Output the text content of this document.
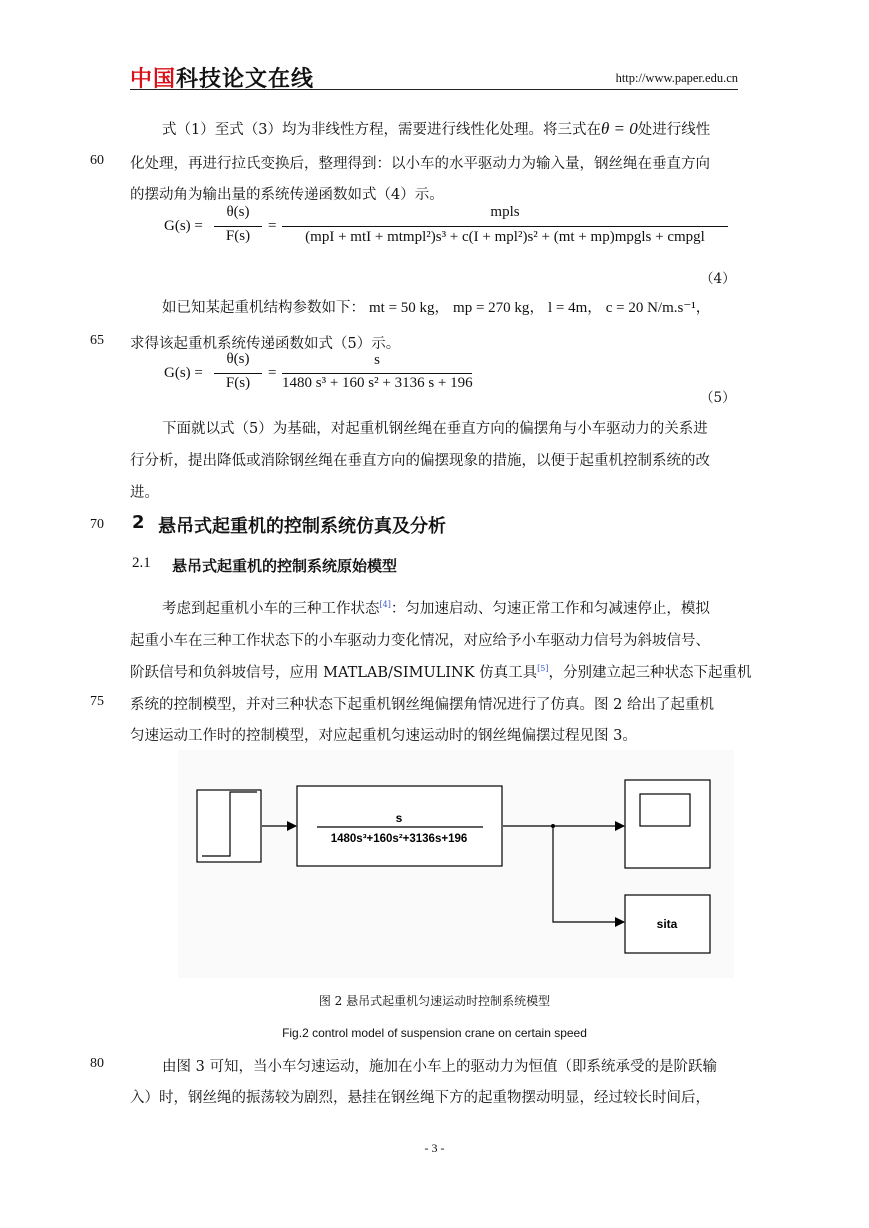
中国科技论文在线	http://www.paper.edu.cn
式（1）至式（3）均为非线性方程，需要进行线性化处理。将三式在θ = 0处进行线性
60	化处理，再进行拉氏变换后，整理得到：以小车的水平驱动力为输入量，钢丝绳在垂直方向
的摆动角为输出量的系统传递函数如式（4）示。
G(s) =
θ(s)
F(s)
=
mpls
(mpI + mtI + mtmpl²)s³ + c(I + mpl²)s² + (mt + mp)mpgls + cmpgl
（4）
如已知某起重机结构参数如下： mt = 50 kg， mp = 270 kg， l = 4m， c = 20 N/m.s⁻¹，
65	求得该起重机系统传递函数如式（5）示。
G(s) =
θ(s)
F(s)
=
s
1480 s³ + 160 s² + 3136 s + 196
（5）
下面就以式（5）为基础，对起重机钢丝绳在垂直方向的偏摆角与小车驱动力的关系进
行分析，提出降低或消除钢丝绳在垂直方向的偏摆现象的措施，以便于起重机控制系统的改
进。
70	2 悬吊式起重机的控制系统仿真及分析
2.1 悬吊式起重机的控制系统原始模型
考虑到起重机小车的三种工作状态[4]：匀加速启动、匀速正常工作和匀减速停止，模拟
起重小车在三种工作状态下的小车驱动力变化情况，对应给予小车驱动力信号为斜坡信号、
阶跃信号和负斜坡信号，应用 MATLAB/SIMULINK 仿真工具[5]，分别建立起三种状态下起重机
75	系统的控制模型，并对三种状态下起重机钢丝绳偏摆角情况进行了仿真。图 2 给出了起重机
匀速运动工作时的控制模型，对应起重机匀速运动时的钢丝绳偏摆过程见图 3。
s
1480s³+160s²+3136s+196
sita
图 2 悬吊式起重机匀速运动时控制系统模型
Fig.2 control model of suspension crane on certain speed
80	由图 3 可知，当小车匀速运动，施加在小车上的驱动力为恒值（即系统承受的是阶跃输
入）时，钢丝绳的振荡较为剧烈，悬挂在钢丝绳下方的起重物摆动明显，经过较长时间后，
- 3 -
